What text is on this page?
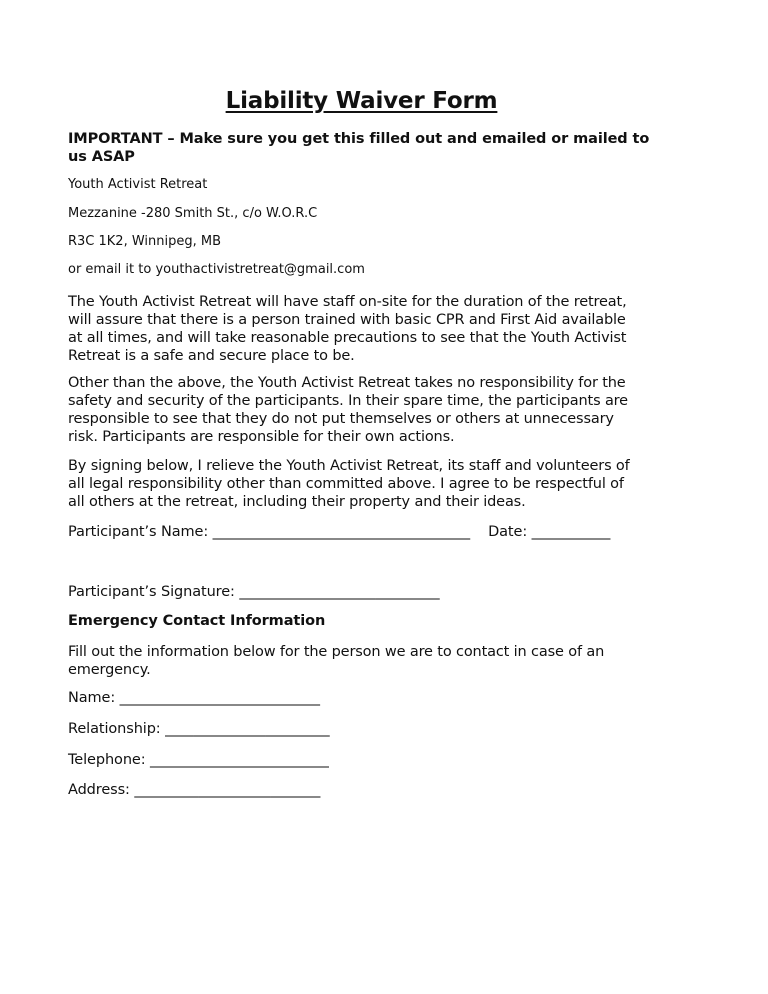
Liability Waiver Form
IMPORTANT – Make sure you get this filled out and emailed or mailed to us ASAP
Youth Activist Retreat
Mezzanine -280 Smith St., c/o W.O.R.C
R3C 1K2, Winnipeg, MB
or email it to youthactivistretreat@gmail.com
The Youth Activist Retreat will have staff on-site for the duration of the retreat,
will assure that there is a person trained with basic CPR and First Aid available
at all times, and will take reasonable precautions to see that the Youth Activist
Retreat is a safe and secure place to be.
Other than the above, the Youth Activist Retreat takes no responsibility for the
safety and security of the participants. In their spare time, the participants are
responsible to see that they do not put themselves or others at unnecessary
risk. Participants are responsible for their own actions.
By signing below, I relieve the Youth Activist Retreat, its staff and volunteers of
all legal responsibility other than committed above. I agree to be respectful of
all others at the retreat, including their property and their ideas.
Participant’s Name: ____________________________________ Date: ___________
Participant’s Signature: ____________________________
Emergency Contact Information
Fill out the information below for the person we are to contact in case of an
emergency.
Name: ____________________________
Relationship: _______________________
Telephone: _________________________
Address: __________________________
